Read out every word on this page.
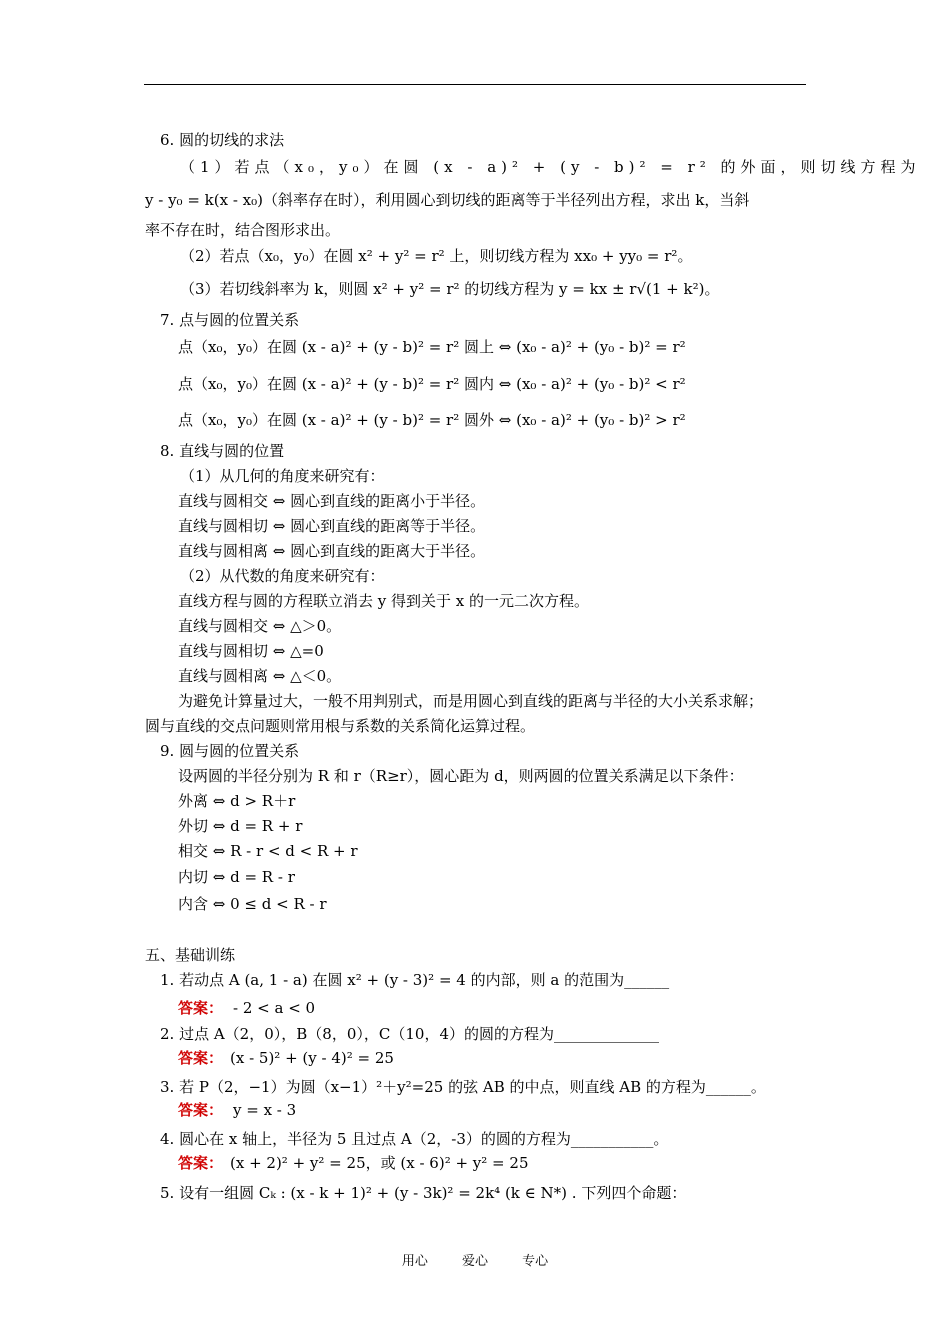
6. 圆的切线的求法
（1）若点（x₀，y₀）在圆 (x - a)² + (y - b)² = r² 的外面，则切线方程为
y - y₀ = k(x - x₀)（斜率存在时），利用圆心到切线的距离等于半径列出方程，求出 k，当斜
率不存在时，结合图形求出。
（2）若点（x₀，y₀）在圆 x² + y² = r² 上，则切线方程为 xx₀ + yy₀ = r²。
（3）若切线斜率为 k，则圆 x² + y² = r² 的切线方程为 y = kx ± r√(1 + k²)。
7. 点与圆的位置关系
点（x₀，y₀）在圆 (x - a)² + (y - b)² = r² 圆上 ⇔ (x₀ - a)² + (y₀ - b)² = r²
点（x₀，y₀）在圆 (x - a)² + (y - b)² = r² 圆内 ⇔ (x₀ - a)² + (y₀ - b)² < r²
点（x₀，y₀）在圆 (x - a)² + (y - b)² = r² 圆外 ⇔ (x₀ - a)² + (y₀ - b)² > r²
8. 直线与圆的位置
（1）从几何的角度来研究有：
直线与圆相交 ⇔ 圆心到直线的距离小于半径。
直线与圆相切 ⇔ 圆心到直线的距离等于半径。
直线与圆相离 ⇔ 圆心到直线的距离大于半径。
（2）从代数的角度来研究有：
直线方程与圆的方程联立消去 y 得到关于 x 的一元二次方程。
直线与圆相交 ⇔ △＞0。
直线与圆相切 ⇔ △=0
直线与圆相离 ⇔ △＜0。
为避免计算量过大，一般不用判别式，而是用圆心到直线的距离与半径的大小关系求解；
圆与直线的交点问题则常用根与系数的关系简化运算过程。
9. 圆与圆的位置关系
设两圆的半径分别为 R 和 r（R≥r），圆心距为 d，则两圆的位置关系满足以下条件：
外离 ⇔ d > R＋r
外切 ⇔ d = R + r
相交 ⇔ R - r < d < R + r
内切 ⇔ d = R - r
内含 ⇔ 0 ≤ d < R - r
五、基础训练
1. 若动点 A (a, 1 - a) 在圆 x² + (y - 3)² = 4 的内部，则 a 的范围为______
答案： - 2 < a < 0
2. 过点 A（2，0），B（8，0），C（10，4）的圆的方程为______________
答案： (x - 5)² + (y - 4)² = 25
3. 若 P（2，−1）为圆（x−1）²＋y²=25 的弦 AB 的中点，则直线 AB 的方程为______。
答案： y = x - 3
4. 圆心在 x 轴上，半径为 5 且过点 A（2，-3）的圆的方程为___________。
答案： (x + 2)² + y² = 25，或 (x - 6)² + y² = 25
5. 设有一组圆 Cₖ : (x - k + 1)² + (y - 3k)² = 2k⁴ (k ∈ N*) . 下列四个命题：
用心 爱心 专心
